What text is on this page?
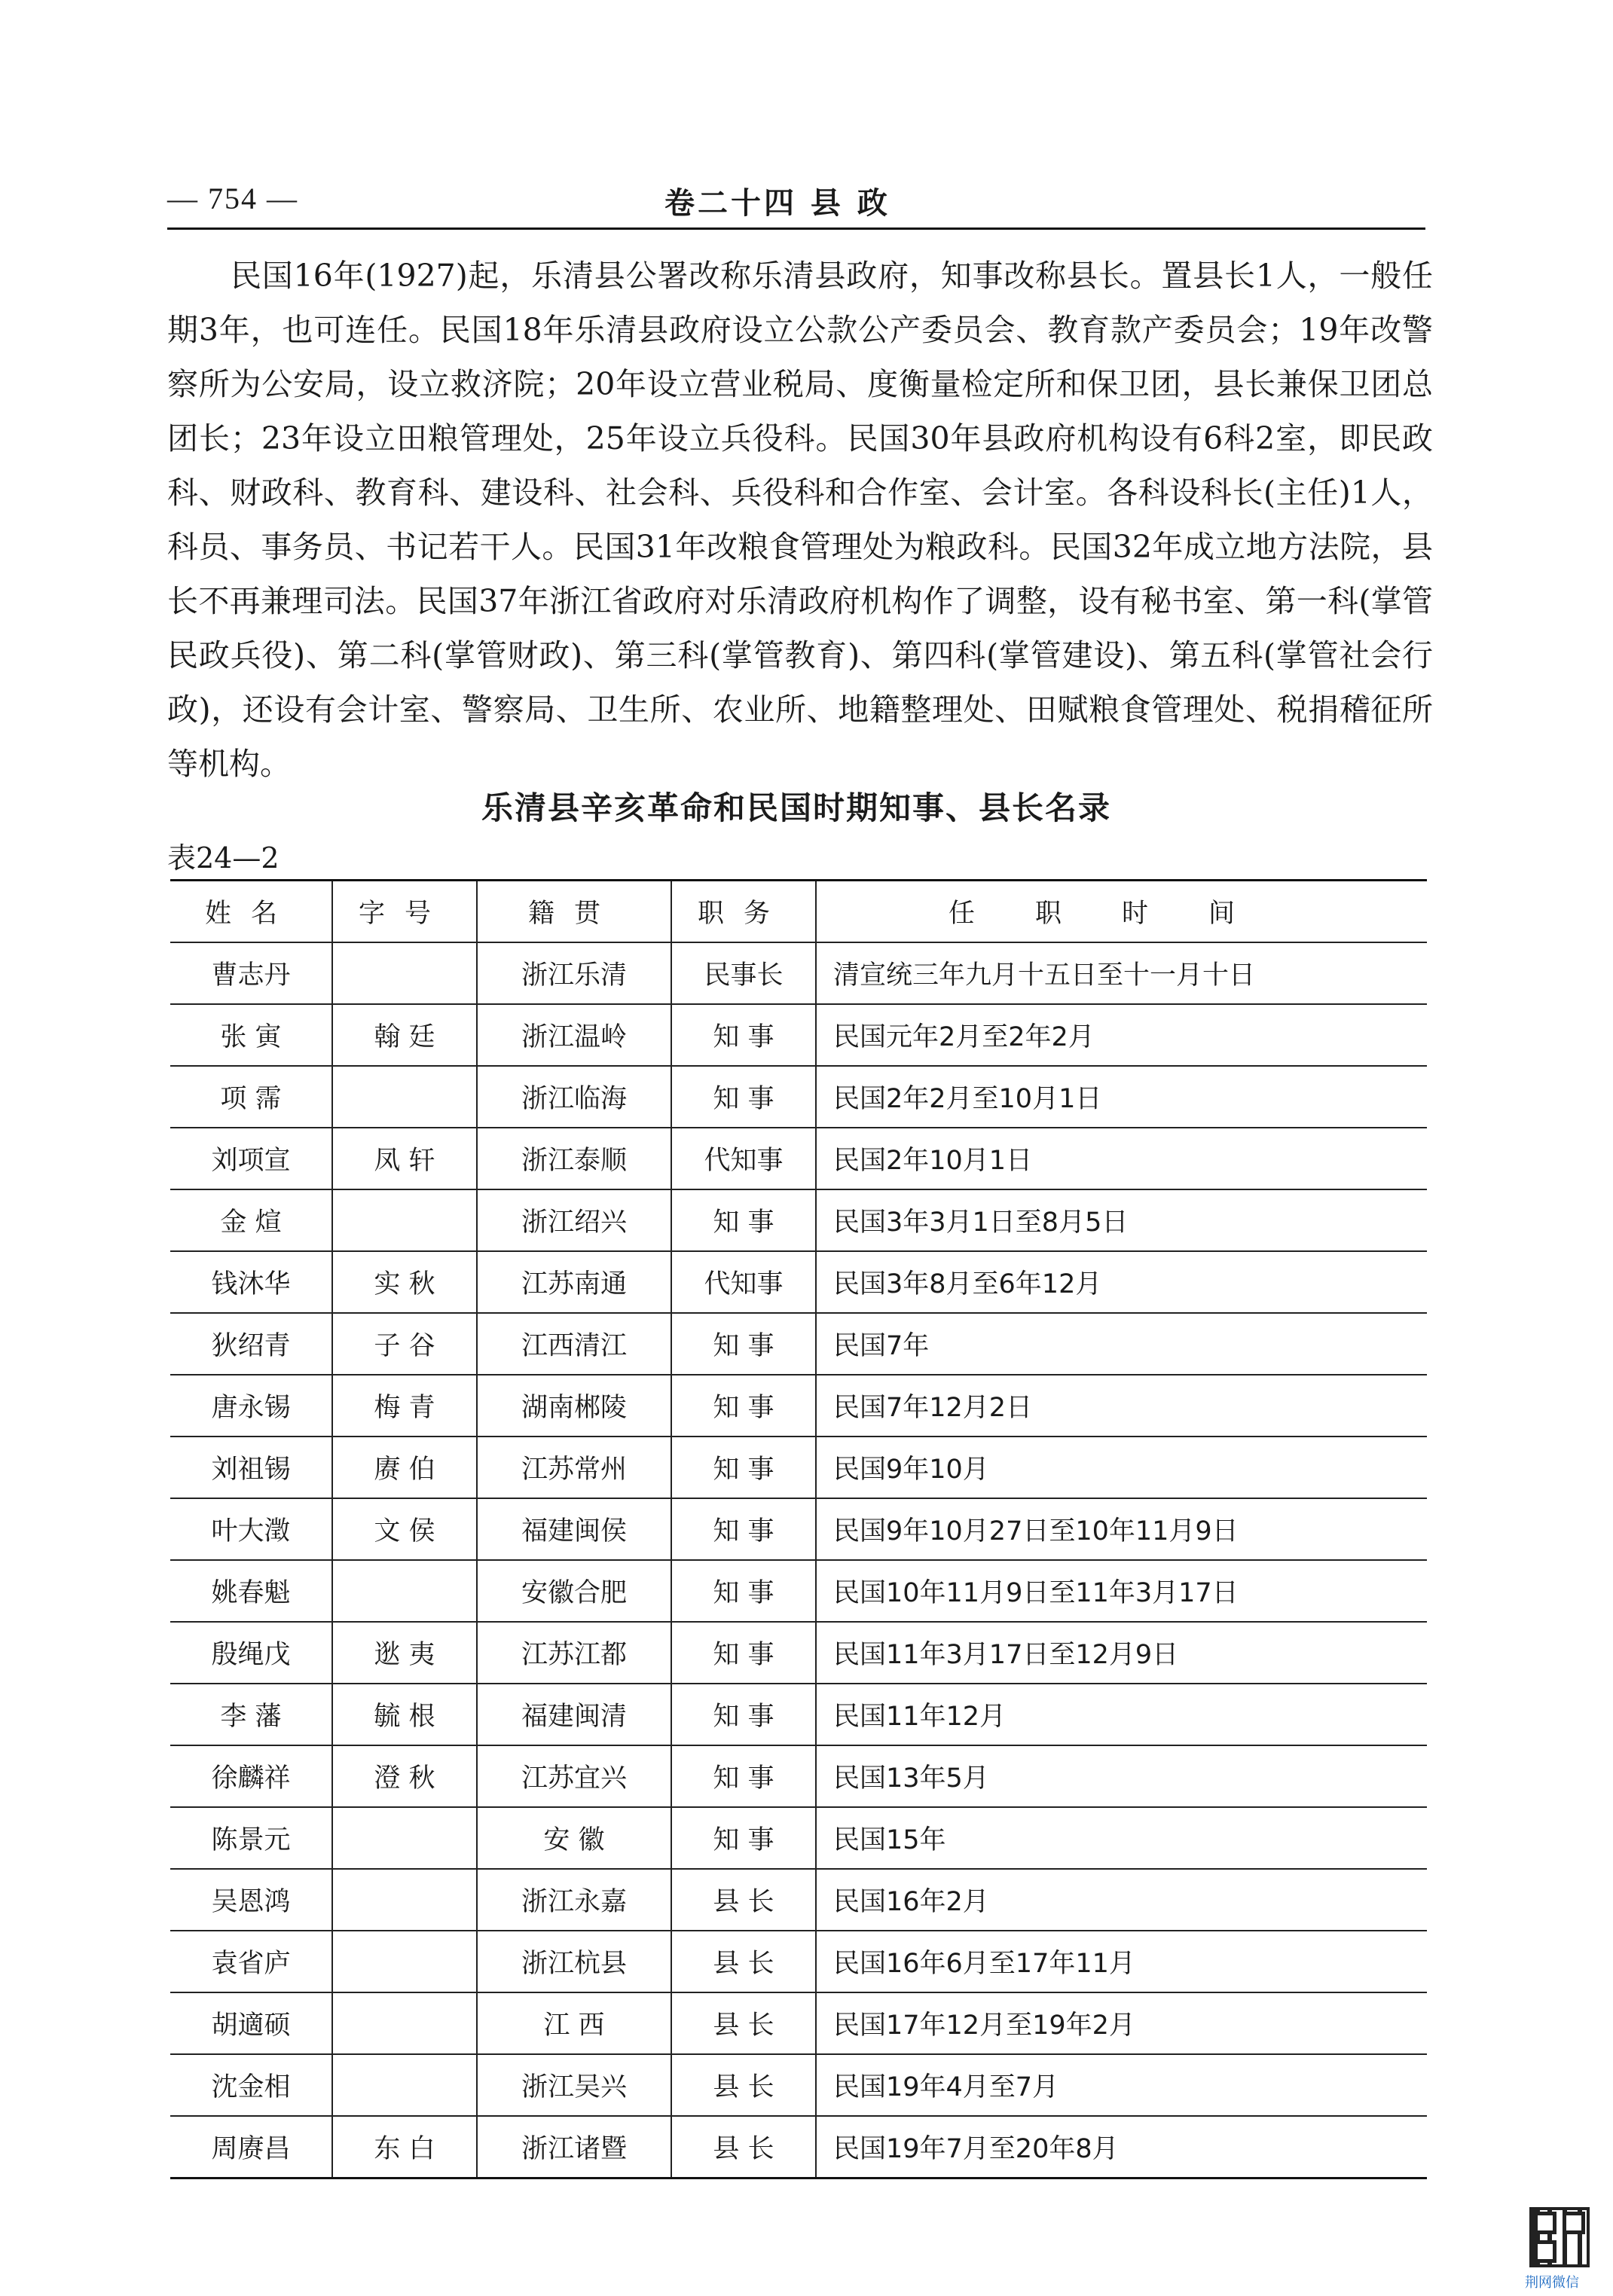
— 754 —	卷二十四 县 政

民国16年(1927)起，乐清县公署改称乐清县政府，知事改称县长。置县长1人，一般任期3年，也可连任。民国18年乐清县政府设立公款公产委员会、教育款产委员会；19年改警察所为公安局，设立救济院；20年设立营业税局、度衡量检定所和保卫团，县长兼保卫团总团长；23年设立田粮管理处，25年设立兵役科。民国30年县政府机构设有6科2室，即民政科、财政科、教育科、建设科、社会科、兵役科和合作室、会计室。各科设科长(主任)1人，科员、事务员、书记若干人。民国31年改粮食管理处为粮政科。民国32年成立地方法院，县长不再兼理司法。民国37年浙江省政府对乐清政府机构作了调整，设有秘书室、第一科(掌管民政兵役)、第二科(掌管财政)、第三科(掌管教育)、第四科(掌管建设)、第五科(掌管社会行政)，还设有会计室、警察局、卫生所、农业所、地籍整理处、田赋粮食管理处、税捐稽征所等机构。

乐清县辛亥革命和民国时期知事、县长名录
表24—2
姓名	字号	籍贯	职务	任职时间
曹志丹		浙江乐清	民事长	清宣统三年九月十五日至十一月十日
张 寅	翰 廷	浙江温岭	知 事	民国元年2月至2年2月
项 霈		浙江临海	知 事	民国2年2月至10月1日
刘项宣	凤 轩	浙江泰顺	代知事	民国2年10月1日
金 煊		浙江绍兴	知 事	民国3年3月1日至8月5日
钱沐华	实 秋	江苏南通	代知事	民国3年8月至6年12月
狄绍青	子 谷	江西清江	知 事	民国7年
唐永锡	梅 青	湖南郴陵	知 事	民国7年12月2日
刘祖锡	赓 伯	江苏常州	知 事	民国9年10月
叶大澂	文 侯	福建闽侯	知 事	民国9年10月27日至10年11月9日
姚春魁		安徽合肥	知 事	民国10年11月9日至11年3月17日
殷绳戊	逖 夷	江苏江都	知 事	民国11年3月17日至12月9日
李 藩	毓 根	福建闽清	知 事	民国11年12月
徐麟祥	澄 秋	江苏宜兴	知 事	民国13年5月
陈景元		安 徽	知 事	民国15年
吴恩鸿		浙江永嘉	县 长	民国16年2月
袁省庐		浙江杭县	县 长	民国16年6月至17年11月
胡適硕		江 西	县 长	民国17年12月至19年2月
沈金相		浙江吴兴	县 长	民国19年4月至7月
周赓昌	东 白	浙江诸暨	县 长	民国19年7月至20年8月
荆网微信
